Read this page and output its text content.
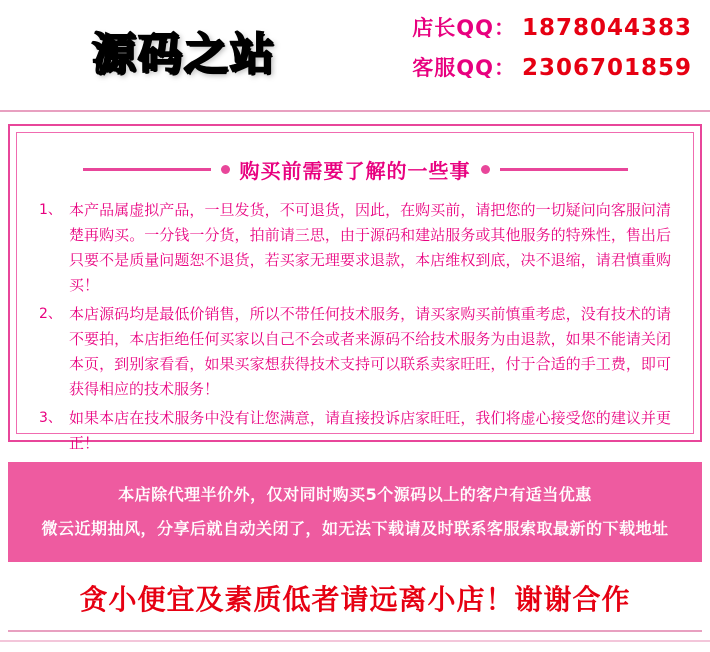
源码之站
店长QQ： 1878044383
客服QQ： 2306701859
购买前需要了解的一些事
1、 本产品属虚拟产品，一旦发货，不可退货，因此，在购买前，请把您的一切疑问向客服问清楚再购买。一分钱一分货，拍前请三思，由于源码和建站服务或其他服务的特殊性，售出后只要不是质量问题恕不退货，若买家无理要求退款，本店维权到底，决不退缩，请君慎重购买！
2、 本店源码均是最低价销售，所以不带任何技术服务，请买家购买前慎重考虑，没有技术的请不要拍，本店拒绝任何买家以自己不会或者来源码不给技术服务为由退款，如果不能请关闭本页，到别家看看，如果买家想获得技术支持可以联系卖家旺旺，付于合适的手工费，即可获得相应的技术服务！
3、 如果本店在技术服务中没有让您满意，请直接投诉店家旺旺，我们将虚心接受您的建议并更正！
本店除代理半价外，仅对同时购买5个源码以上的客户有适当优惠
微云近期抽风，分享后就自动关闭了，如无法下载请及时联系客服索取最新的下载地址
贪小便宜及素质低者请远离小店！谢谢合作
